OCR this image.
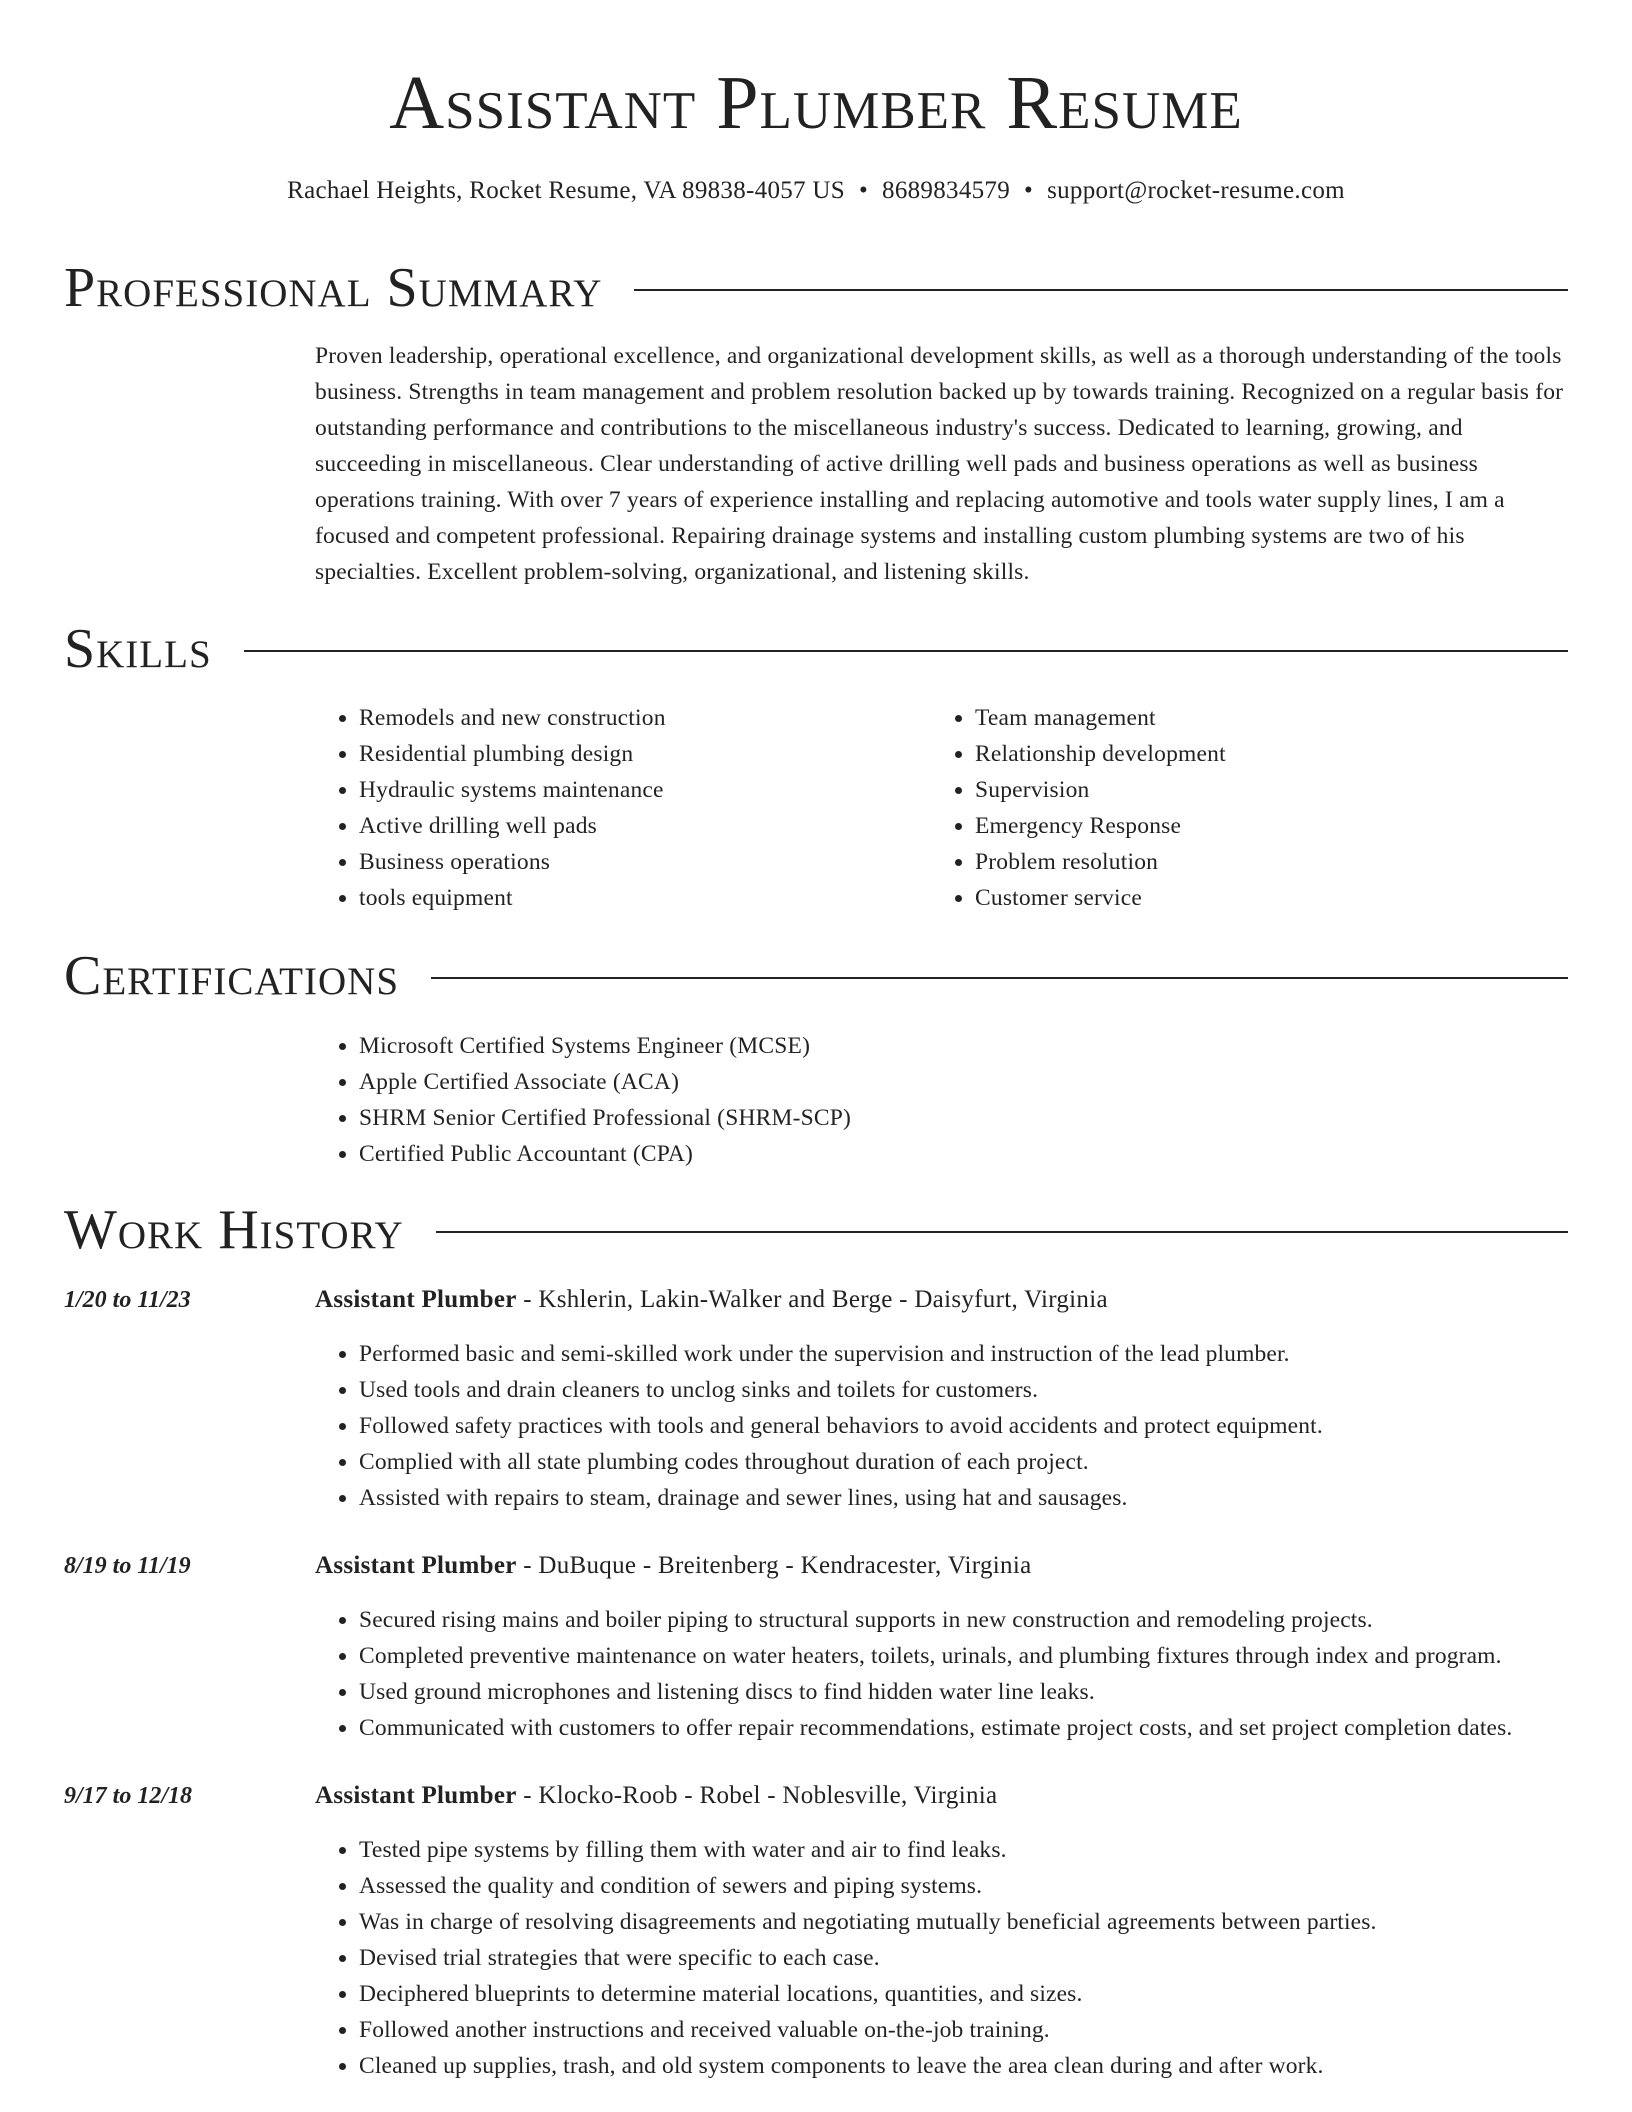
Assistant Plumber Resume
Rachael Heights, Rocket Resume, VA 89838-4057 US • 8689834579 • support@rocket-resume.com
Professional Summary

Proven leadership, operational excellence, and organizational development skills, as well as a thorough understanding of the tools business. Strengths in team management and problem resolution backed up by towards training. Recognized on a regular basis for outstanding performance and contributions to the miscellaneous industry's success. Dedicated to learning, growing, and succeeding in miscellaneous. Clear understanding of active drilling well pads and business operations as well as business operations training. With over 7 years of experience installing and replacing automotive and tools water supply lines, I am a focused and competent professional. Repairing drainage systems and installing custom plumbing systems are two of his specialties. Excellent problem-solving, organizational, and listening skills.

Skills
• Remodels and new construction
• Residential plumbing design
• Hydraulic systems maintenance
• Active drilling well pads
• Business operations
• tools equipment
• Team management
• Relationship development
• Supervision
• Emergency Response
• Problem resolution
• Customer service
Certifications
• Microsoft Certified Systems Engineer (MCSE)
• Apple Certified Associate (ACA)
• SHRM Senior Certified Professional (SHRM-SCP)
• Certified Public Accountant (CPA)
Work History
1/20 to 11/23	Assistant Plumber - Kshlerin, Lakin-Walker and Berge - Daisyfurt, Virginia
• Performed basic and semi-skilled work under the supervision and instruction of the lead plumber.
• Used tools and drain cleaners to unclog sinks and toilets for customers.
• Followed safety practices with tools and general behaviors to avoid accidents and protect equipment.
• Complied with all state plumbing codes throughout duration of each project.
• Assisted with repairs to steam, drainage and sewer lines, using hat and sausages.
8/19 to 11/19	Assistant Plumber - DuBuque - Breitenberg - Kendracester, Virginia
• Secured rising mains and boiler piping to structural supports in new construction and remodeling projects.
• Completed preventive maintenance on water heaters, toilets, urinals, and plumbing fixtures through index and program.
• Used ground microphones and listening discs to find hidden water line leaks.
• Communicated with customers to offer repair recommendations, estimate project costs, and set project completion dates.
9/17 to 12/18	Assistant Plumber - Klocko-Roob - Robel - Noblesville, Virginia
• Tested pipe systems by filling them with water and air to find leaks.
• Assessed the quality and condition of sewers and piping systems.
• Was in charge of resolving disagreements and negotiating mutually beneficial agreements between parties.
• Devised trial strategies that were specific to each case.
• Deciphered blueprints to determine material locations, quantities, and sizes.
• Followed another instructions and received valuable on-the-job training.
• Cleaned up supplies, trash, and old system components to leave the area clean during and after work.
